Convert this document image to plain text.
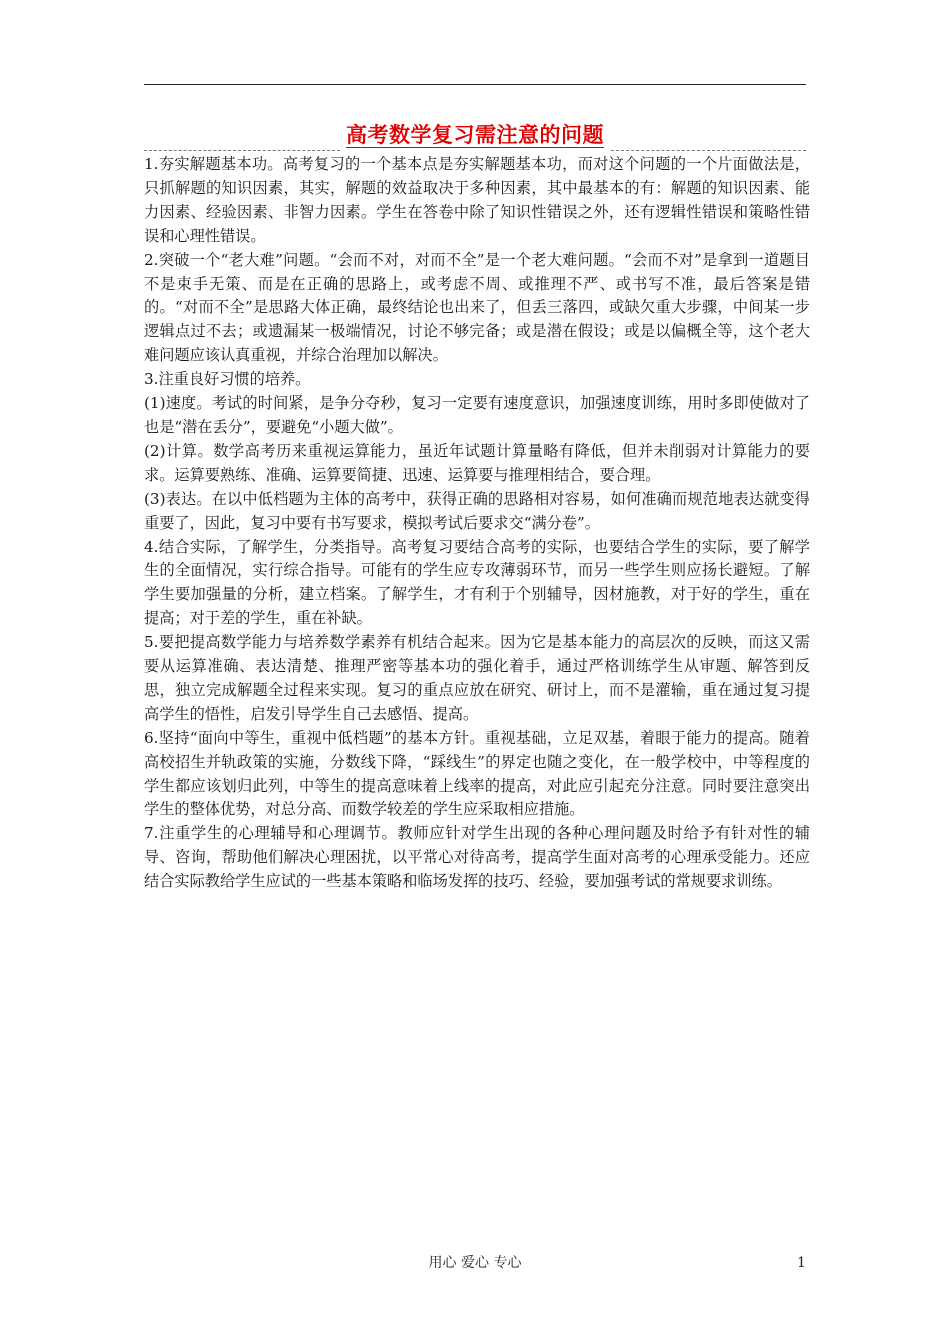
高考数学复习需注意的问题

1.夯实解题基本功。高考复习的一个基本点是夯实解题基本功，而对这个问题的一个片面做法是，只抓解题的知识因素，其实，解题的效益取决于多种因素，其中最基本的有：解题的知识因素、能力因素、经验因素、非智力因素。学生在答卷中除了知识性错误之外，还有逻辑性错误和策略性错误和心理性错误。

2.突破一个“老大难”问题。“会而不对，对而不全”是一个老大难问题。“会而不对”是拿到一道题目不是束手无策、而是在正确的思路上，或考虑不周、或推理不严、或书写不准，最后答案是错的。“对而不全”是思路大体正确，最终结论也出来了，但丢三落四，或缺欠重大步骤，中间某一步逻辑点过不去；或遗漏某一极端情况，讨论不够完备；或是潜在假设；或是以偏概全等，这个老大难问题应该认真重视，并综合治理加以解决。

3.注重良好习惯的培养。

(1)速度。考试的时间紧，是争分夺秒，复习一定要有速度意识，加强速度训练，用时多即使做对了也是“潜在丢分”，要避免“小题大做”。

(2)计算。数学高考历来重视运算能力，虽近年试题计算量略有降低，但并未削弱对计算能力的要求。运算要熟练、准确、运算要简捷、迅速、运算要与推理相结合，要合理。

(3)表达。在以中低档题为主体的高考中，获得正确的思路相对容易，如何准确而规范地表达就变得重要了，因此，复习中要有书写要求，模拟考试后要求交“满分卷”。

4.结合实际，了解学生，分类指导。高考复习要结合高考的实际，也要结合学生的实际，要了解学生的全面情况，实行综合指导。可能有的学生应专攻薄弱环节，而另一些学生则应扬长避短。了解学生要加强量的分析，建立档案。了解学生，才有利于个别辅导，因材施教，对于好的学生，重在提高；对于差的学生，重在补缺。

5.要把提高数学能力与培养数学素养有机结合起来。因为它是基本能力的高层次的反映，而这又需要从运算准确、表达清楚、推理严密等基本功的强化着手，通过严格训练学生从审题、解答到反思，独立完成解题全过程来实现。复习的重点应放在研究、研讨上，而不是灌输，重在通过复习提高学生的悟性，启发引导学生自己去感悟、提高。

6.坚持“面向中等生，重视中低档题”的基本方针。重视基础，立足双基，着眼于能力的提高。随着高校招生并轨政策的实施，分数线下降，“踩线生”的界定也随之变化，在一般学校中，中等程度的学生都应该划归此列，中等生的提高意味着上线率的提高，对此应引起充分注意。同时要注意突出学生的整体优势，对总分高、而数学较差的学生应采取相应措施。

7.注重学生的心理辅导和心理调节。教师应针对学生出现的各种心理问题及时给予有针对性的辅导、咨询，帮助他们解决心理困扰，以平常心对待高考，提高学生面对高考的心理承受能力。还应结合实际教给学生应试的一些基本策略和临场发挥的技巧、经验，要加强考试的常规要求训练。

用心 爱心 专心	1
